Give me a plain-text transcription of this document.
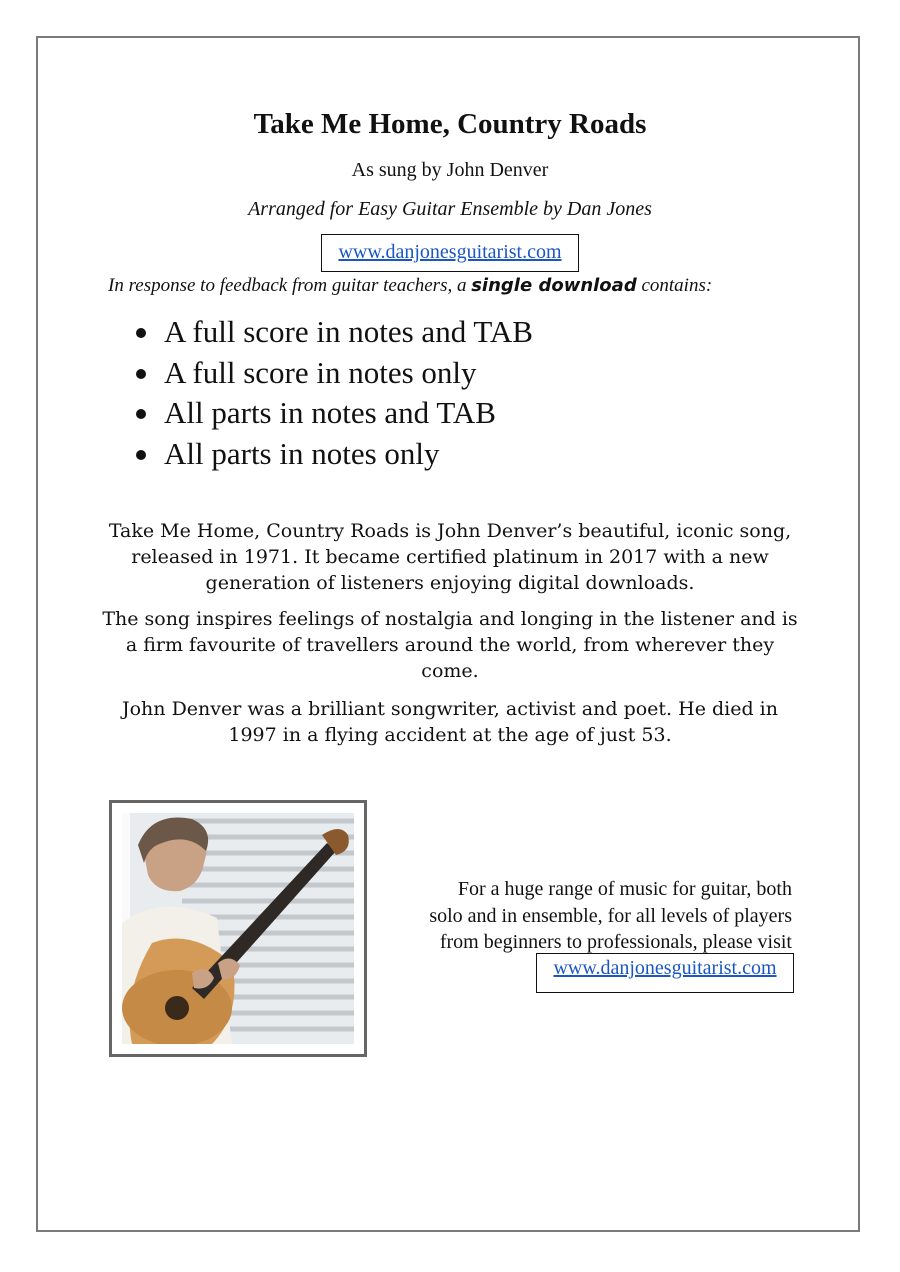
Take Me Home, Country Roads
As sung by John Denver
Arranged for Easy Guitar Ensemble by Dan Jones
www.danjonesguitarist.com
In response to feedback from guitar teachers, a single download contains:
A full score in notes and TAB
A full score in notes only
All parts in notes and TAB
All parts in notes only

Take Me Home, Country Roads is John Denver’s beautiful, iconic song, released in 1971. It became certified platinum in 2017 with a new generation of listeners enjoying digital downloads.

The song inspires feelings of nostalgia and longing in the listener and is a firm favourite of travellers around the world, from wherever they come.

John Denver was a brilliant songwriter, activist and poet. He died in 1997 in a flying accident at the age of just 53.

For a huge range of music for guitar, both
solo and in ensemble, for all levels of players
from beginners to professionals, please visit

www.danjonesguitarist.com
